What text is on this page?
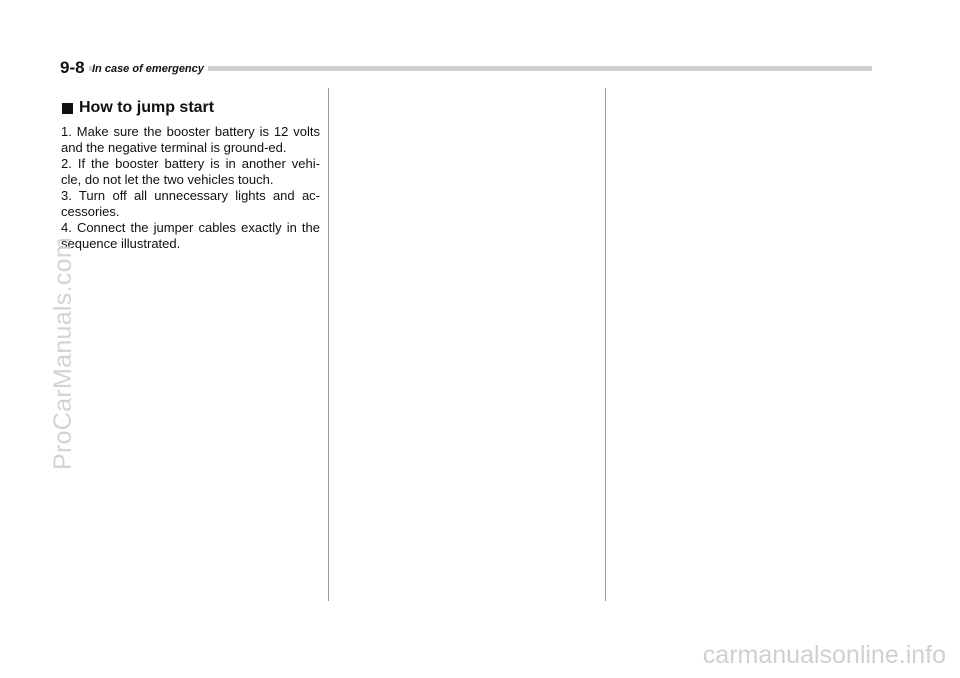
9-8 In case of emergency
How to jump start

1. Make sure the booster battery is 12 volts and the negative terminal is ground-ed.

2. If the booster battery is in another vehi-cle, do not let the two vehicles touch.

3. Turn off all unnecessary lights and ac-cessories.

4. Connect the jumper cables exactly in the sequence illustrated.

ProCarManuals.com
carmanualsonline.info
